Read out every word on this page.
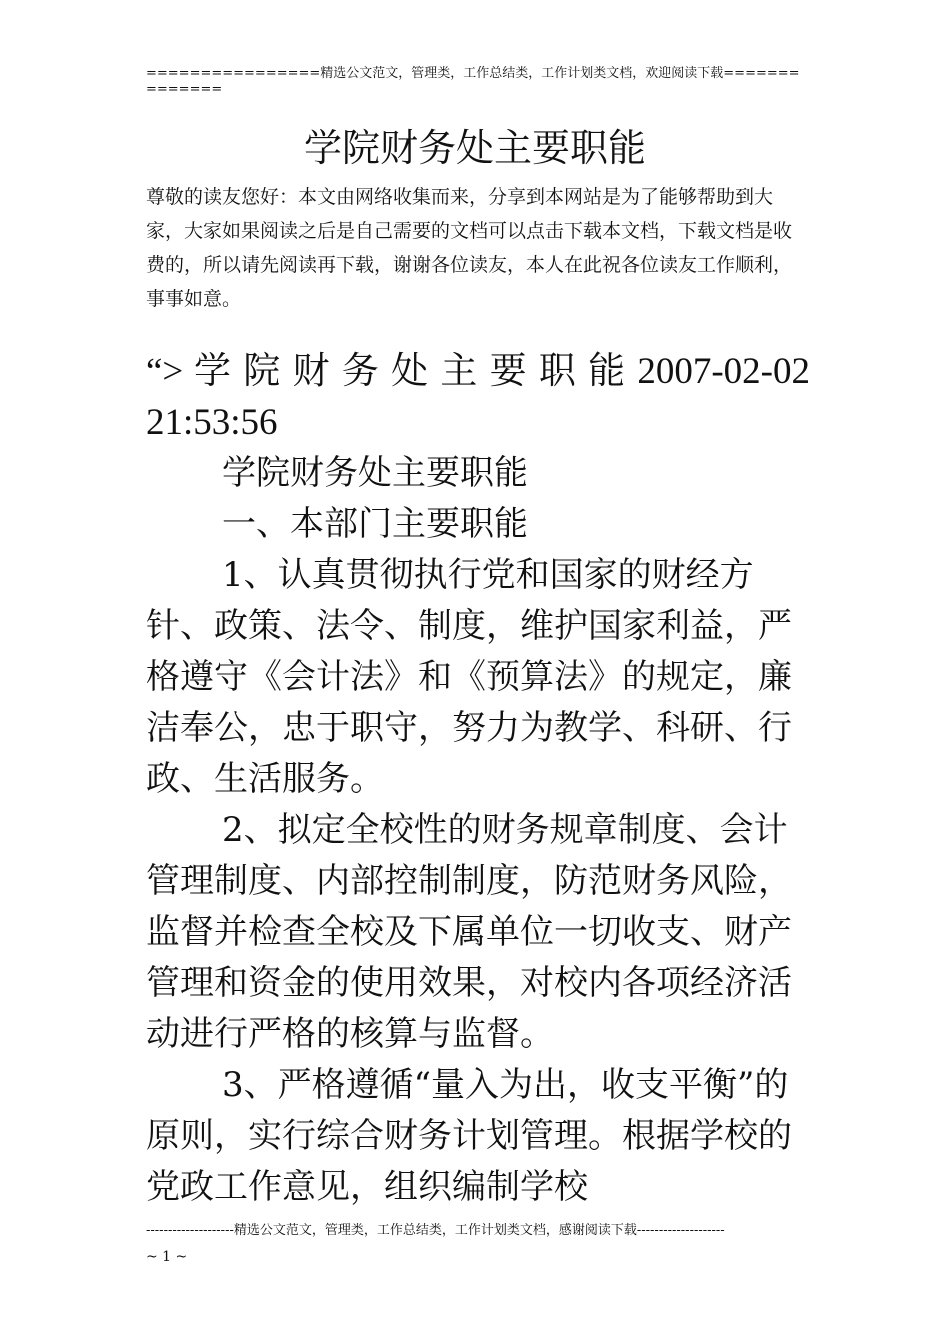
================精选公文范文，管理类，工作总结类，工作计划类文档，欢迎阅读下载==============
学院财务处主要职能
尊敬的读友您好：本文由网络收集而来，分享到本网站是为了能够帮助到大家，大家如果阅读之后是自己需要的文档可以点击下载本文档，下载文档是收费的，所以请先阅读再下载，谢谢各位读友，本人在此祝各位读友工作顺利，事事如意。

“> 学 院 财 务 处 主 要 职 能 2007-02-02 21:53:56

学院财务处主要职能

一、本部门主要职能

1、认真贯彻执行党和国家的财经方针、政策、法令、制度，维护国家利益，严格遵守《会计法》和《预算法》的规定，廉洁奉公，忠于职守，努力为教学、科研、行政、生活服务。

2、拟定全校性的财务规章制度、会计管理制度、内部控制制度，防范财务风险，监督并检查全校及下属单位一切收支、财产管理和资金的使用效果，对校内各项经济活动进行严格的核算与监督。

3、严格遵循“量入为出，收支平衡”的原则，实行综合财务计划管理。根据学校的党政工作意见，组织编制学校

--------------------精选公文范文，管理类，工作总结类，工作计划类文档，感谢阅读下载--------------------
~ 1 ~
